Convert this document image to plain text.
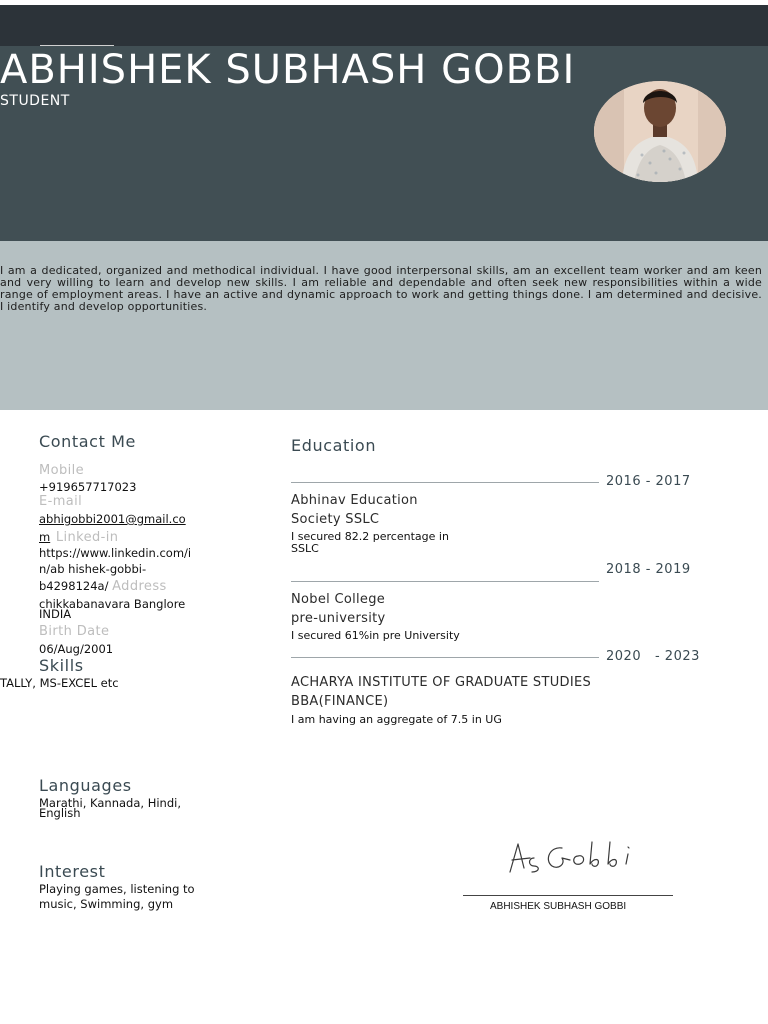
ABHISHEK SUBHASH GOBBI
STUDENT

I am a dedicated, organized and methodical individual. I have good interpersonal skills, am an excellent team worker and am keen and very willing to learn and develop new skills. I am reliable and dependable and often seek new responsibilities within a wide range of employment areas. I have an active and dynamic approach to work and getting things done. I am determined and decisive. I identify and develop opportunities.

Contact Me
Mobile
+919657717023
E-mail
abhigobbi2001@gmail.co
m Linked-in
https://www.linkedin.com/i
n/ab hishek-gobbi-
b4298124a/ Address
chikkabanavara Banglore
INDIA
Birth Date
06/Aug/2001
Skills
TALLY, MS-EXCEL etc
Languages
Marathi, Kannada, Hindi,
English
Interest
Playing games, listening to
music, Swimming, gym
Education
2016 - 2017
Abhinav Education
Society SSLC
I secured 82.2 percentage in
SSLC
2018 - 2019
Nobel College
pre-university
I secured 61%in pre University
2020   - 2023
ACHARYA INSTITUTE OF GRADUATE STUDIES
BBA(FINANCE)
I am having an aggregate of 7.5 in UG
ABHISHEK SUBHASH GOBBI
